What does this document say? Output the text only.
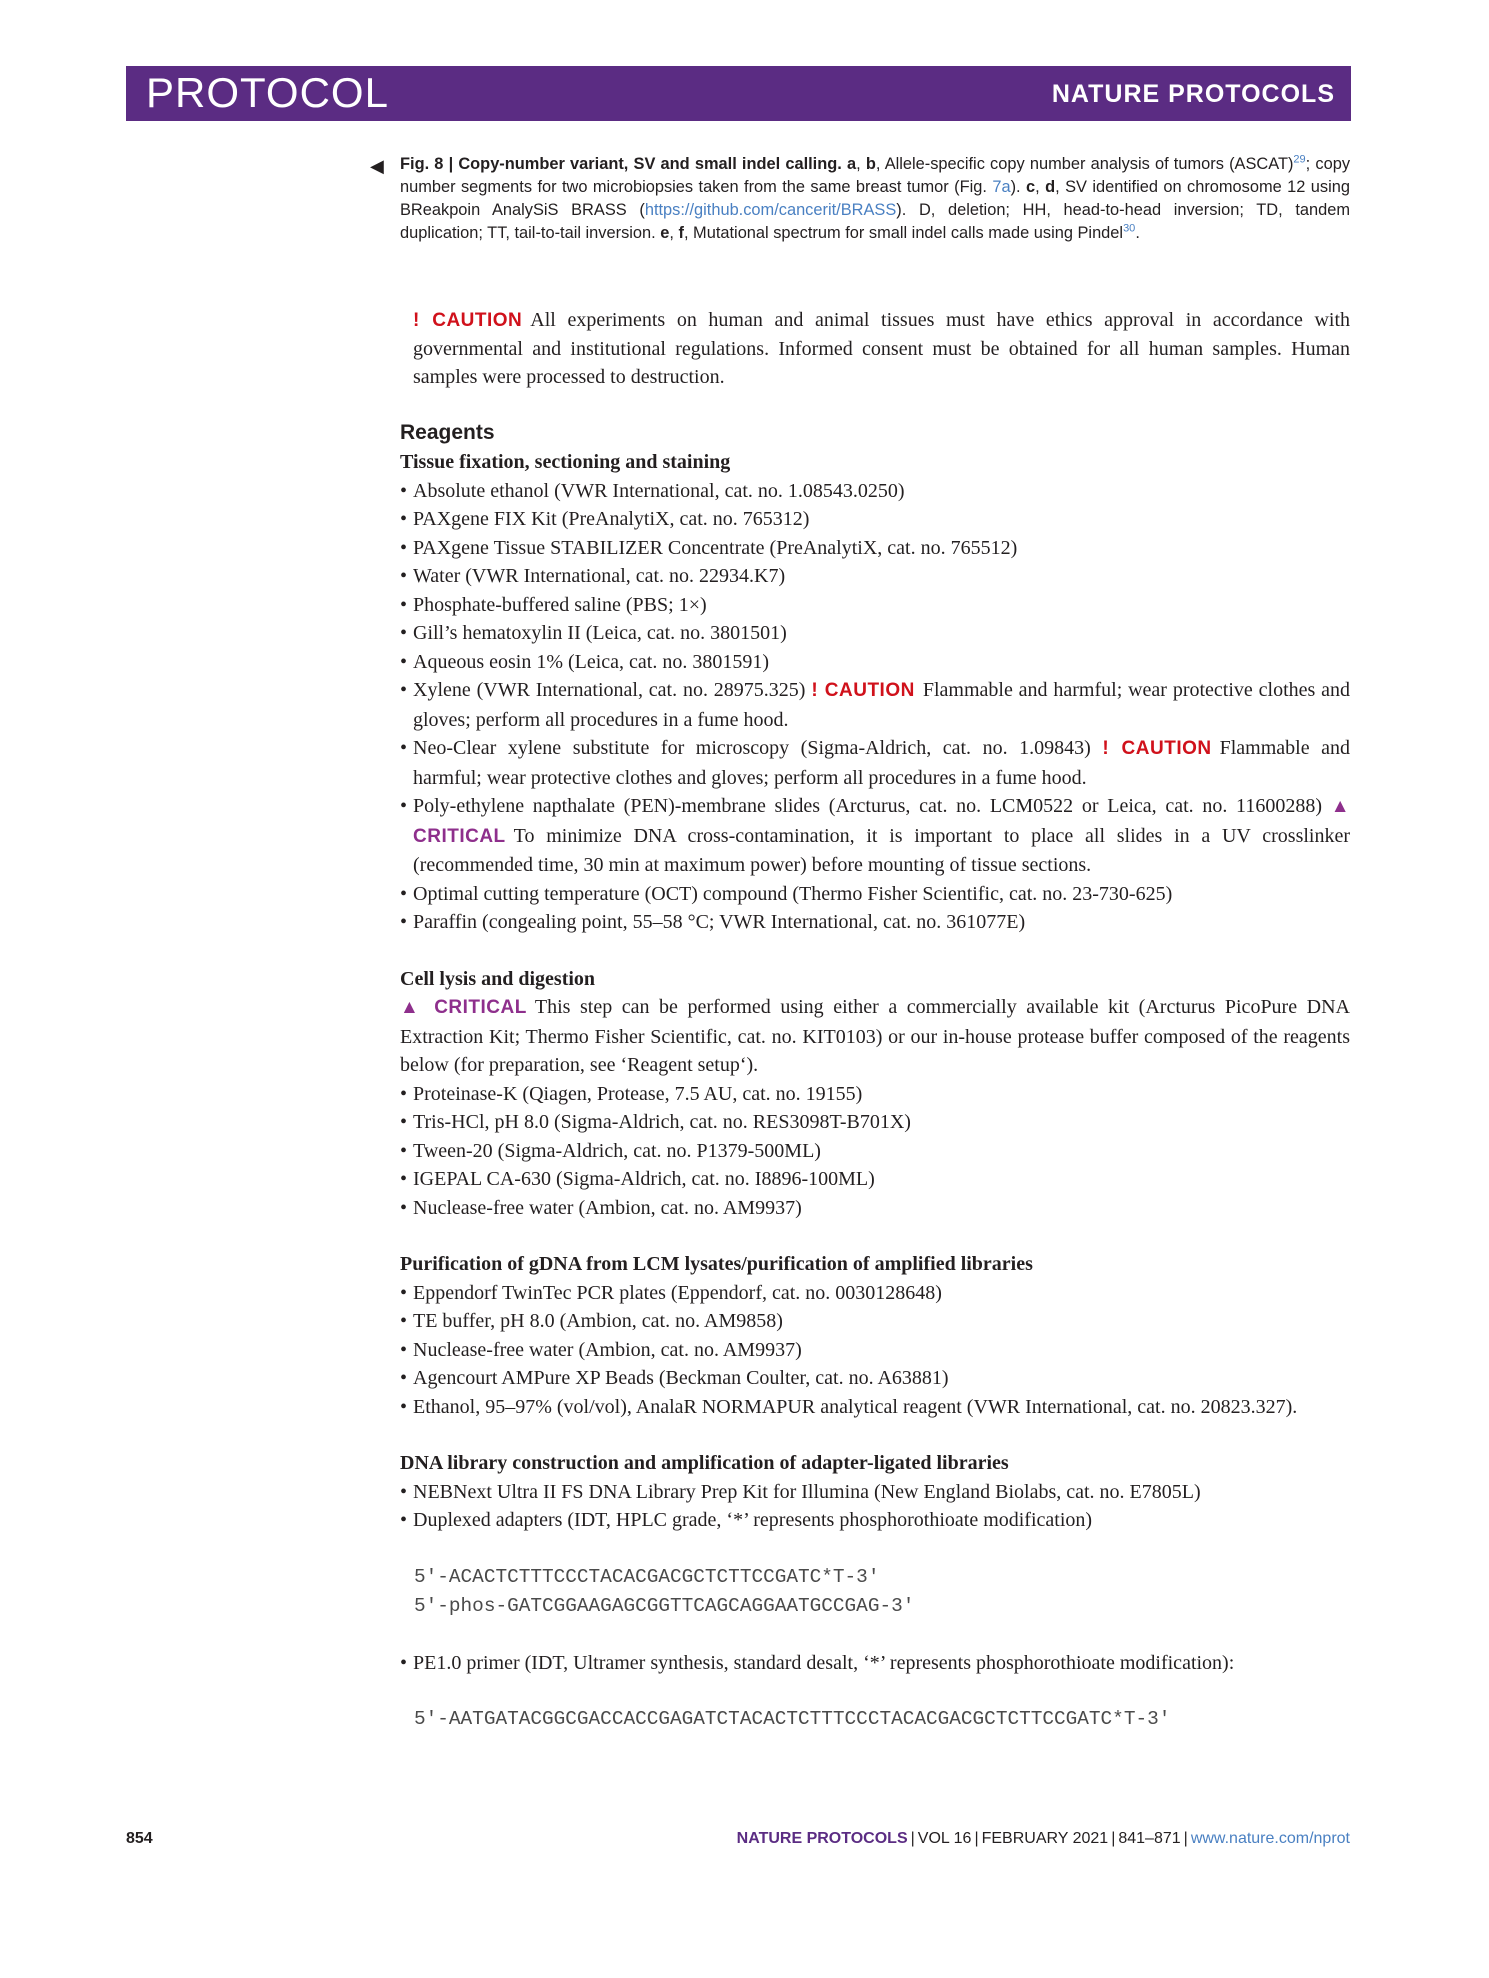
PROTOCOL	NATURE PROTOCOLS
◀ Fig. 8 | Copy-number variant, SV and small indel calling. a, b, Allele-specific copy number analysis of tumors (ASCAT)$^{29}$; copy number segments for two microbiopsies taken from the same breast tumor (Fig. 7a). c, d, SV identified on chromosome 12 using BReakpoin AnalySiS BRASS (https://github.com/cancerit/BRASS). D, deletion; HH, head-to-head inversion; TD, tandem duplication; TT, tail-to-tail inversion. e, f, Mutational spectrum for small indel calls made using Pindel$^{30}$.
! CAUTION All experiments on human and animal tissues must have ethics approval in accordance with governmental and institutional regulations. Informed consent must be obtained for all human samples. Human samples were processed to destruction.
Reagents
Tissue fixation, sectioning and staining
• Absolute ethanol (VWR International, cat. no. 1.08543.0250)
• PAXgene FIX Kit (PreAnalytiX, cat. no. 765312)
• PAXgene Tissue STABILIZER Concentrate (PreAnalytiX, cat. no. 765512)
• Water (VWR International, cat. no. 22934.K7)
• Phosphate-buffered saline (PBS; 1×)
• Gill’s hematoxylin II (Leica, cat. no. 3801501)
• Aqueous eosin 1% (Leica, cat. no. 3801591)
• Xylene (VWR International, cat. no. 28975.325) ! CAUTION Flammable and harmful; wear protective clothes and gloves; perform all procedures in a fume hood.
• Neo-Clear xylene substitute for microscopy (Sigma-Aldrich, cat. no. 1.09843) ! CAUTION Flammable and harmful; wear protective clothes and gloves; perform all procedures in a fume hood.
• Poly-ethylene napthalate (PEN)-membrane slides (Arcturus, cat. no. LCM0522 or Leica, cat. no. 11600288) ▲ CRITICAL To minimize DNA cross-contamination, it is important to place all slides in a UV crosslinker (recommended time, 30 min at maximum power) before mounting of tissue sections.
• Optimal cutting temperature (OCT) compound (Thermo Fisher Scientific, cat. no. 23-730-625)
• Paraffin (congealing point, 55–58 °C; VWR International, cat. no. 361077E)
Cell lysis and digestion
▲ CRITICAL This step can be performed using either a commercially available kit (Arcturus PicoPure DNA Extraction Kit; Thermo Fisher Scientific, cat. no. KIT0103) or our in-house protease buffer composed of the reagents below (for preparation, see ‘Reagent setup‘).
• Proteinase-K (Qiagen, Protease, 7.5 AU, cat. no. 19155)
• Tris-HCl, pH 8.0 (Sigma-Aldrich, cat. no. RES3098T-B701X)
• Tween-20 (Sigma-Aldrich, cat. no. P1379-500ML)
• IGEPAL CA-630 (Sigma-Aldrich, cat. no. I8896-100ML)
• Nuclease-free water (Ambion, cat. no. AM9937)
Purification of gDNA from LCM lysates/purification of amplified libraries
• Eppendorf TwinTec PCR plates (Eppendorf, cat. no. 0030128648)
• TE buffer, pH 8.0 (Ambion, cat. no. AM9858)
• Nuclease-free water (Ambion, cat. no. AM9937)
• Agencourt AMPure XP Beads (Beckman Coulter, cat. no. A63881)
• Ethanol, 95–97% (vol/vol), AnalaR NORMAPUR analytical reagent (VWR International, cat. no. 20823.327).
DNA library construction and amplification of adapter-ligated libraries
• NEBNext Ultra II FS DNA Library Prep Kit for Illumina (New England Biolabs, cat. no. E7805L)
• Duplexed adapters (IDT, HPLC grade, ‘*’ represents phosphorothioate modification)
5′-ACACTCTTTCCCTACACGACGCTCTTCCGATC*T-3′
5′-phos-GATCGGAAGAGCGGTTCAGCAGGAATGCCGAG-3′
• PE1.0 primer (IDT, Ultramer synthesis, standard desalt, ‘*’ represents phosphorothioate modification):
5′-AATGATACGGCGACCACCGAGATCTACACTCTTTCCCTACACGACGCTCTTCCGATC*T-3′
854	NATURE PROTOCOLS | VOL 16 | FEBRUARY 2021 | 841–871 | www.nature.com/nprot
